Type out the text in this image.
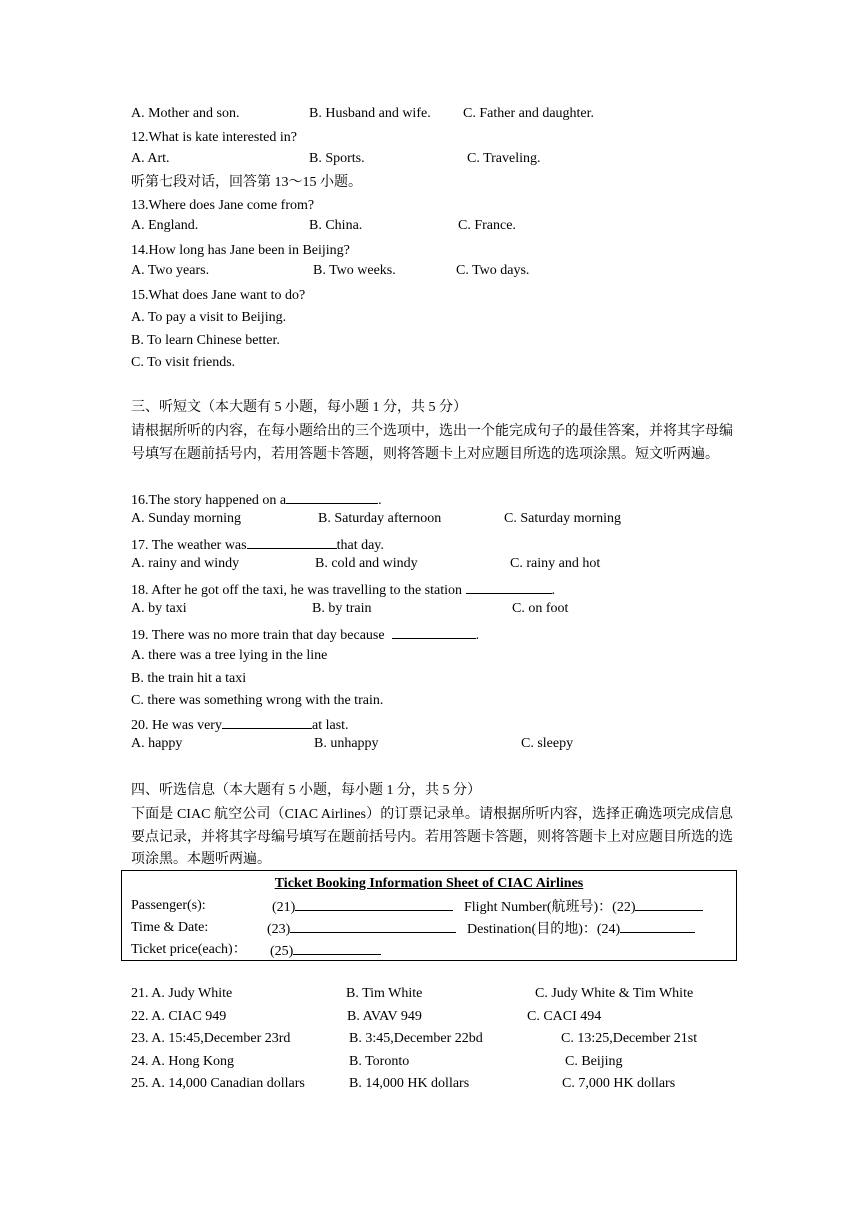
A. Mother and son.	B. Husband and wife. C. Father and daughter.
12.What is kate interested in?
A. Art.	B. Sports.	C. Traveling.
听第七段对话，回答第 13～15 小题。
13.Where does Jane come from?
A. England.	B. China.	C. France.
14.How long has Jane been in Beijing?
A. Two years.	B. Two weeks.	C. Two days.
15.What does Jane want to do?
A. To pay a visit to Beijing.
B. To learn Chinese better.
C. To visit friends.
三、听短文（本大题有 5 小题，每小题 1 分，共 5 分）
请根据所听的内容，在每小题给出的三个选项中，选出一个能完成句子的最佳答案，并将其字母编号填写在题前括号内，若用答题卡答题，则将答题卡上对应题目所选的选项涂黑。短文听两遍。
16.The story happened on a	.
A. Sunday morning	B. Saturday afternoon	C. Saturday morning
17. The weather was	that day.
A. rainy and windy	B. cold and windy	C. rainy and hot
18. After he got off the taxi, he was travelling to the station	.
A. by taxi	B. by train	C. on foot
19. There was no more train that day because	.
A. there was a tree lying in the line
B. the train hit a taxi
C. there was something wrong with the train.
20. He was very	at last.
A. happy	B. unhappy	C. sleepy
四、听选信息（本大题有 5 小题，每小题 1 分，共 5 分）
下面是 CIAC 航空公司（CIAC Airlines）的订票记录单。请根据所听内容，选择正确选项完成信息要点记录，并将其字母编号填写在题前括号内。若用答题卡答题，则将答题卡上对应题目所选的选项涂黑。本题听两遍。
Ticket Booking Information Sheet of CIAC Airlines
Passenger(s):	(21)	Flight Number(航班号)：(22)
Time & Date:	(23)	Destination(目的地)：(24)
Ticket price(each)： (25)
21. A. Judy White	B. Tim White	C. Judy White & Tim White
22. A. CIAC 949	B. AVAV 949	C. CACI 494
23. A. 15:45,December 23rd	B. 3:45,December 22bd	C. 13:25,December 21st
24. A. Hong Kong	B. Toronto	C. Beijing
25. A. 14,000 Canadian dollars	B. 14,000 HK dollars	C. 7,000 HK dollars
